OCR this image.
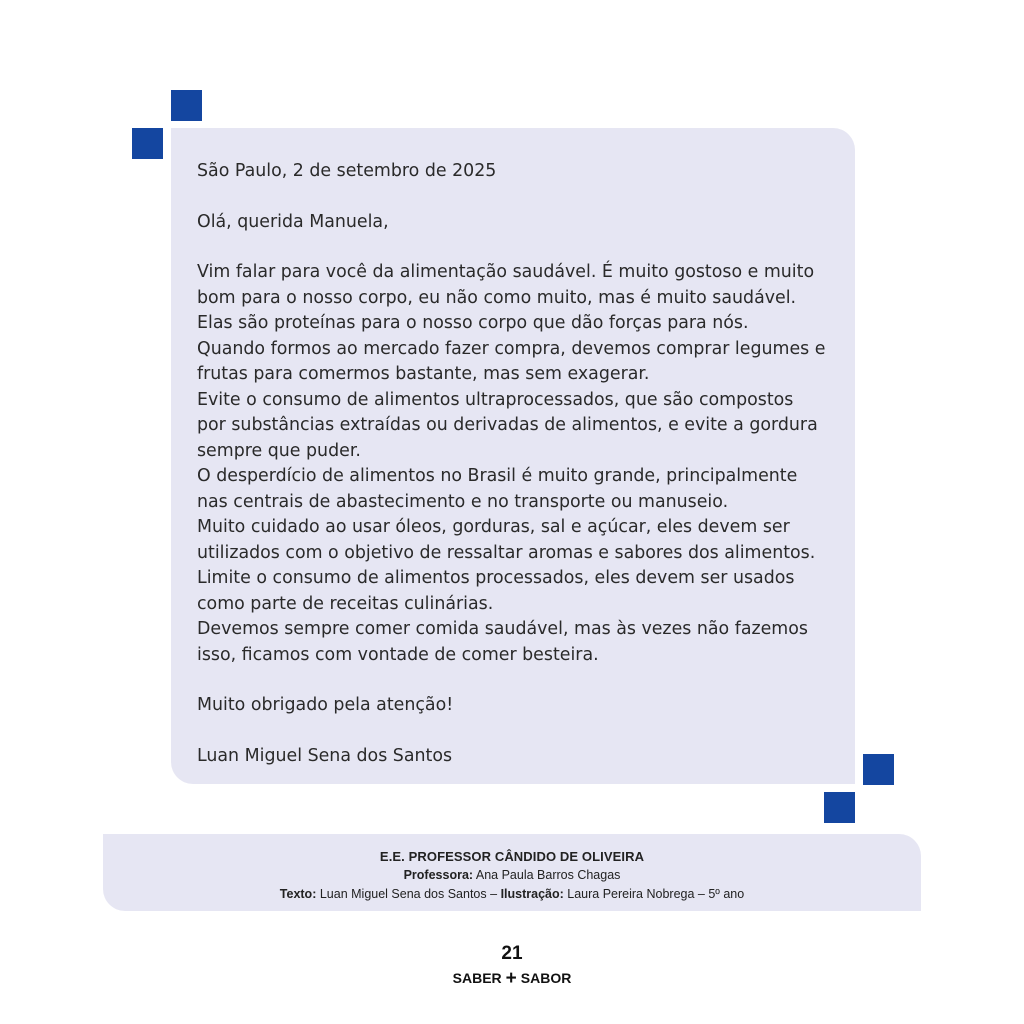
São Paulo, 2 de setembro de 2025

Olá, querida Manuela,

Vim falar para você da alimentação saudável. É muito gostoso e muito

bom para o nosso corpo, eu não como muito, mas é muito saudável.

Elas são proteínas para o nosso corpo que dão forças para nós.

Quando formos ao mercado fazer compra, devemos comprar legumes e

frutas para comermos bastante, mas sem exagerar.

Evite o consumo de alimentos ultraprocessados, que são compostos

por substâncias extraídas ou derivadas de alimentos, e evite a gordura

sempre que puder.

O desperdício de alimentos no Brasil é muito grande, principalmente

nas centrais de abastecimento e no transporte ou manuseio.

Muito cuidado ao usar óleos, gorduras, sal e açúcar, eles devem ser

utilizados com o objetivo de ressaltar aromas e sabores dos alimentos.

Limite o consumo de alimentos processados, eles devem ser usados

como parte de receitas culinárias.

Devemos sempre comer comida saudável, mas às vezes não fazemos

isso, ficamos com vontade de comer besteira.

Muito obrigado pela atenção!

Luan Miguel Sena dos Santos

E.E. PROFESSOR CÂNDIDO DE OLIVEIRA
Professora: Ana Paula Barros Chagas
Texto: Luan Miguel Sena dos Santos – Ilustração: Laura Pereira Nobrega – 5º ano
21
SABER + SABOR
